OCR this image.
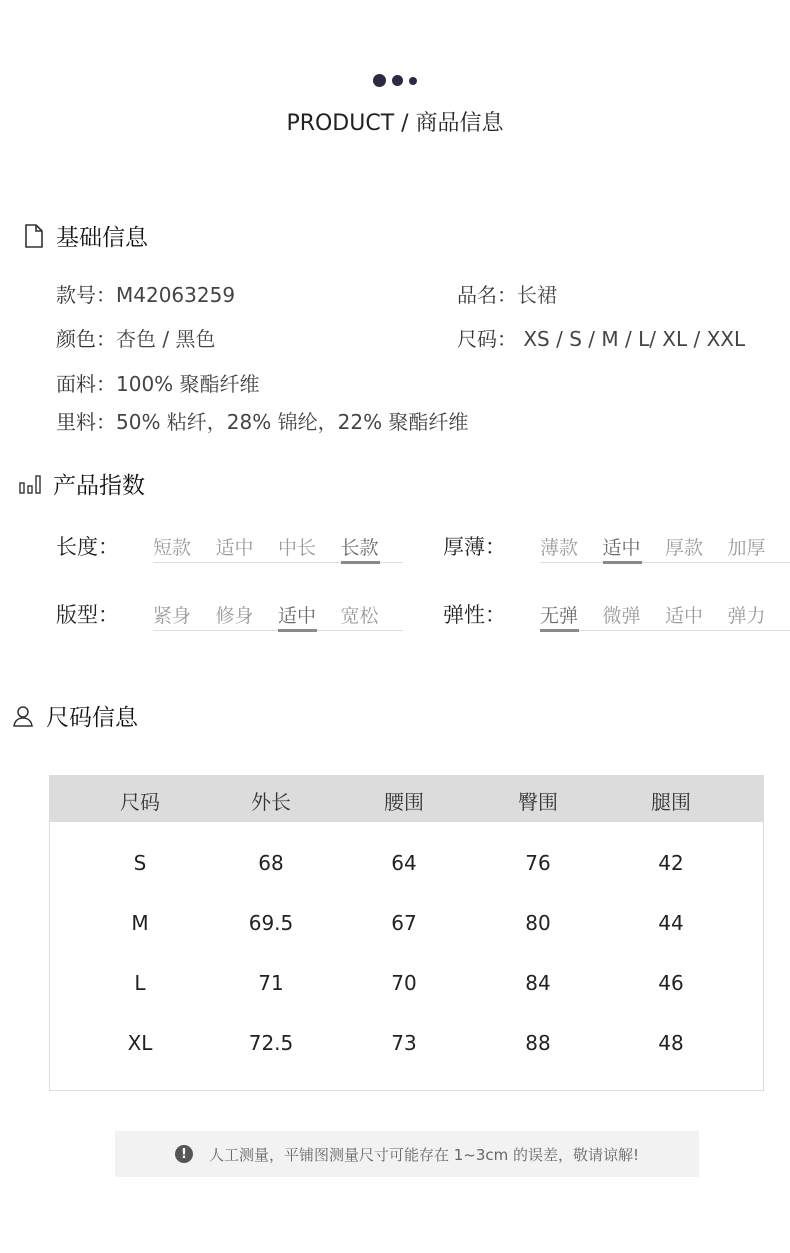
PRODUCT / 商品信息
基础信息
款号：M42063259	品名：长裙
颜色：杏色 / 黑色	尺码： XS / S / M / L/ XL / XXL
面料：100% 聚酯纤维
里料：50% 粘纤，28% 锦纶，22% 聚酯纤维
产品指数
长度： 短款 适中 中长 长款	厚薄： 薄款 适中 厚款 加厚
版型： 紧身 修身 适中 宽松	弹性： 无弹 微弹 适中 弹力
尺码信息
尺码	外长	腰围	臀围	腿围
S	68	64	76	42
M	69.5	67	80	44
L	71	70	84	46
XL	72.5	73	88	48
!	人工测量，平铺图测量尺寸可能存在 1~3cm 的误差，敬请谅解!
